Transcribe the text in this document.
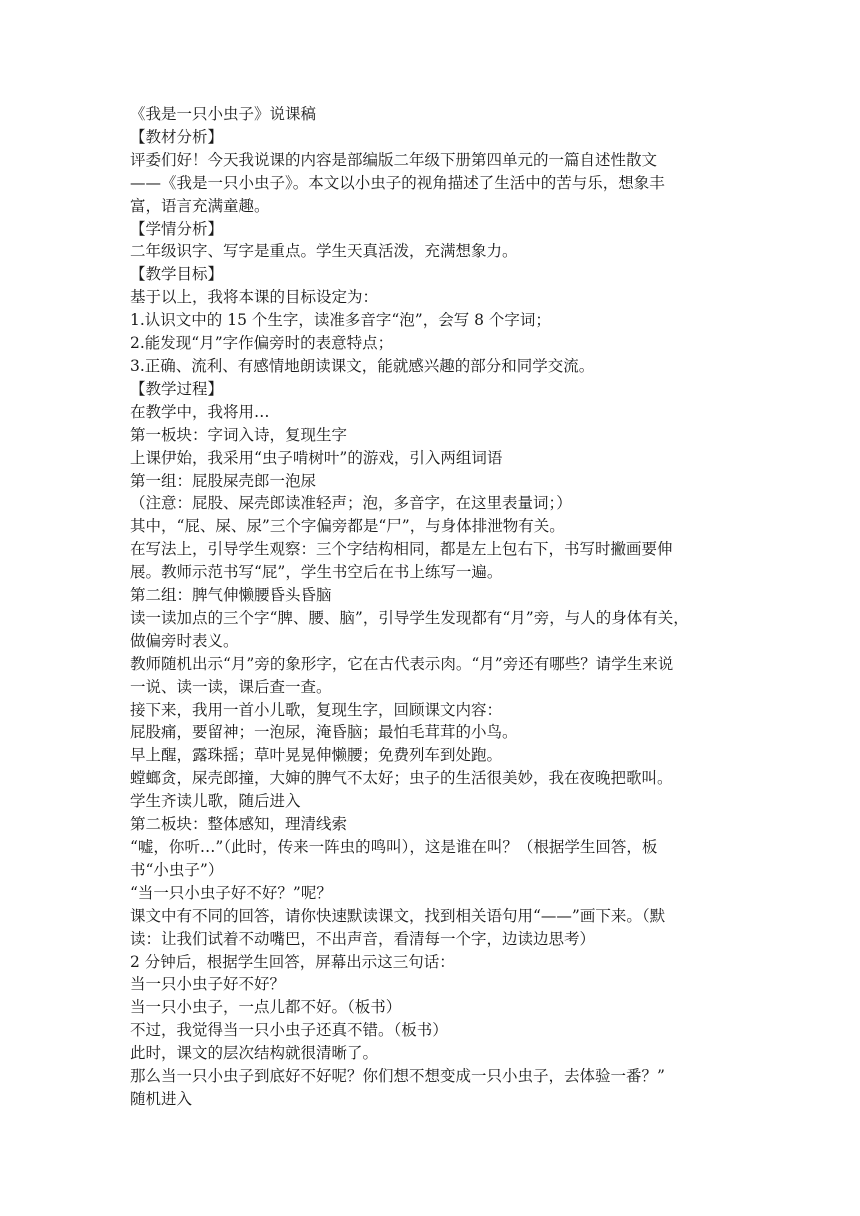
《我是一只小虫子》说课稿

【教材分析】

评委们好！今天我说课的内容是部编版二年级下册第四单元的一篇自述性散文

——《我是一只小虫子》。本文以小虫子的视角描述了生活中的苦与乐，想象丰

富，语言充满童趣。

【学情分析】

二年级识字、写字是重点。学生天真活泼，充满想象力。

【教学目标】

基于以上，我将本课的目标设定为：

1.认识文中的 15 个生字，读准多音字“泡”，会写 8 个字词；

2.能发现“月”字作偏旁时的表意特点；

3.正确、流利、有感情地朗读课文，能就感兴趣的部分和同学交流。

【教学过程】

在教学中，我将用…

第一板块：字词入诗，复现生字

上课伊始，我采用“虫子啃树叶”的游戏，引入两组词语

第一组：屁股屎壳郎一泡尿

（注意：屁股、屎壳郎读准轻声；泡，多音字，在这里表量词；）

其中，“屁、屎、尿”三个字偏旁都是“尸”，与身体排泄物有关。

在写法上，引导学生观察：三个字结构相同，都是左上包右下，书写时撇画要伸

展。教师示范书写“屁”，学生书空后在书上练写一遍。

第二组：脾气伸懒腰昏头昏脑

读一读加点的三个字“脾、腰、脑”，引导学生发现都有“月”旁，与人的身体有关，

做偏旁时表义。

教师随机出示“月”旁的象形字，它在古代表示肉。“月”旁还有哪些？请学生来说

一说、读一读，课后查一查。

接下来，我用一首小儿歌，复现生字，回顾课文内容：

屁股痛，要留神；一泡尿，淹昏脑；最怕毛茸茸的小鸟。

早上醒，露珠摇；草叶晃晃伸懒腰；免费列车到处跑。

螳螂贪，屎壳郎撞，大婶的脾气不太好；虫子的生活很美妙，我在夜晚把歌叫。

学生齐读儿歌，随后进入

第二板块：整体感知，理清线索

“嘘，你听…”（此时，传来一阵虫的鸣叫），这是谁在叫？（根据学生回答，板

书“小虫子”）

“当一只小虫子好不好？”呢？

课文中有不同的回答，请你快速默读课文，找到相关语句用“——”画下来。（默

读：让我们试着不动嘴巴，不出声音，看清每一个字，边读边思考）

2 分钟后，根据学生回答，屏幕出示这三句话：

当一只小虫子好不好？

当一只小虫子，一点儿都不好。（板书）

不过，我觉得当一只小虫子还真不错。（板书）

此时，课文的层次结构就很清晰了。

那么当一只小虫子到底好不好呢？你们想不想变成一只小虫子，去体验一番？”

随机进入
